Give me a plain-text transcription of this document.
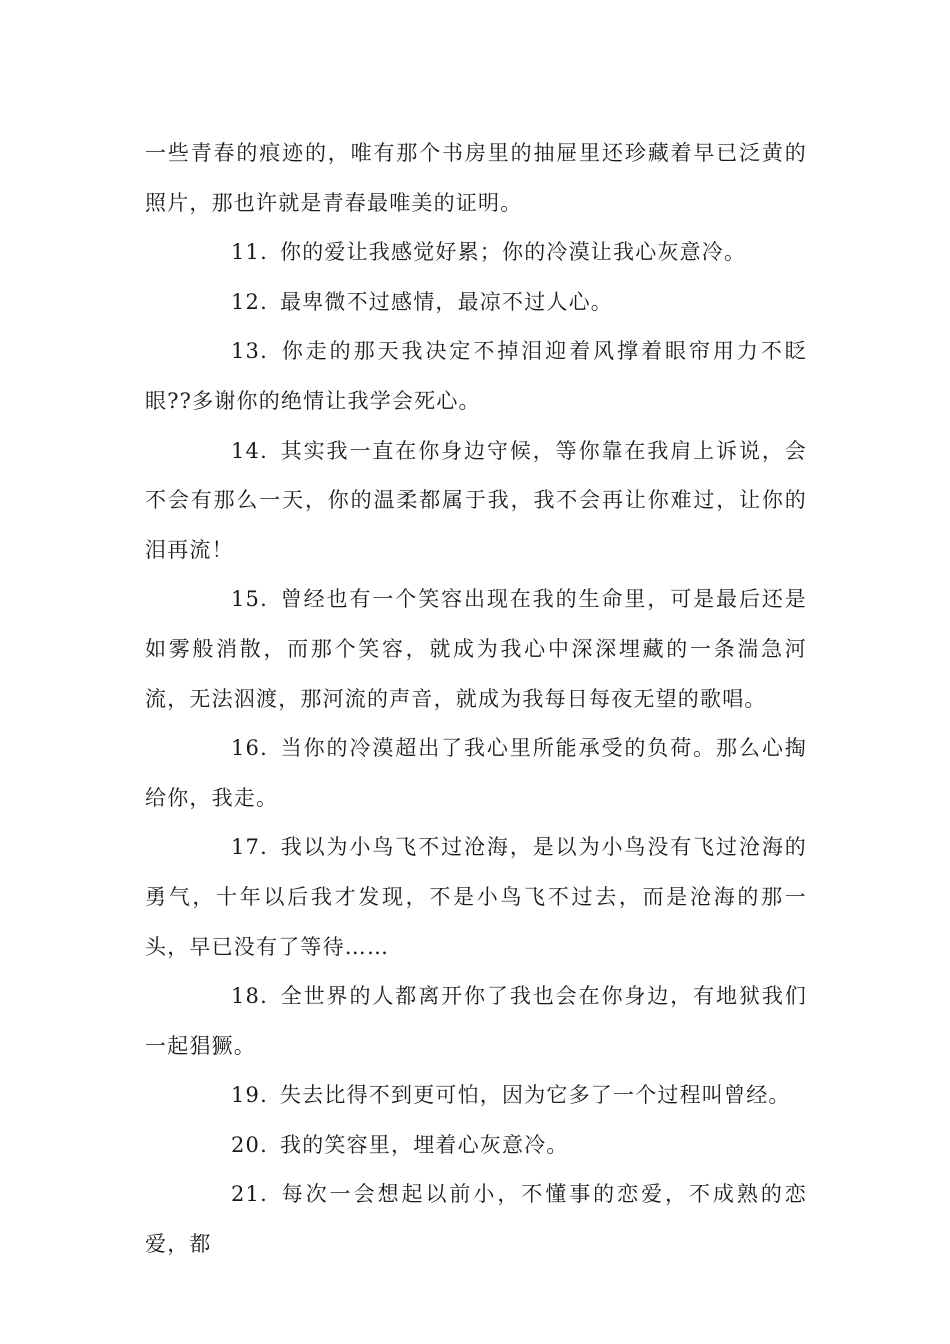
一些青春的痕迹的，唯有那个书房里的抽屉里还珍藏着早已泛黄的照片，那也许就是青春最唯美的证明。

11. 你的爱让我感觉好累；你的冷漠让我心灰意冷。

12. 最卑微不过感情，最凉不过人心。

13. 你走的那天我决定不掉泪迎着风撑着眼帘用力不眨眼??多谢你的绝情让我学会死心。

14. 其实我一直在你身边守候，等你靠在我肩上诉说，会不会有那么一天，你的温柔都属于我，我不会再让你难过，让你的泪再流！

15. 曾经也有一个笑容出现在我的生命里，可是最后还是如雾般消散，而那个笑容，就成为我心中深深埋藏的一条湍急河流，无法泅渡，那河流的声音，就成为我每日每夜无望的歌唱。

16. 当你的冷漠超出了我心里所能承受的负荷。那么心掏给你，我走。

17. 我以为小鸟飞不过沧海，是以为小鸟没有飞过沧海的勇气，十年以后我才发现，不是小鸟飞不过去，而是沧海的那一头，早已没有了等待……

18. 全世界的人都离开你了我也会在你身边，有地狱我们一起猖獗。

19. 失去比得不到更可怕，因为它多了一个过程叫曾经。

20. 我的笑容里，埋着心灰意冷。

21. 每次一会想起以前小，不懂事的恋爱，不成熟的恋爱，都
